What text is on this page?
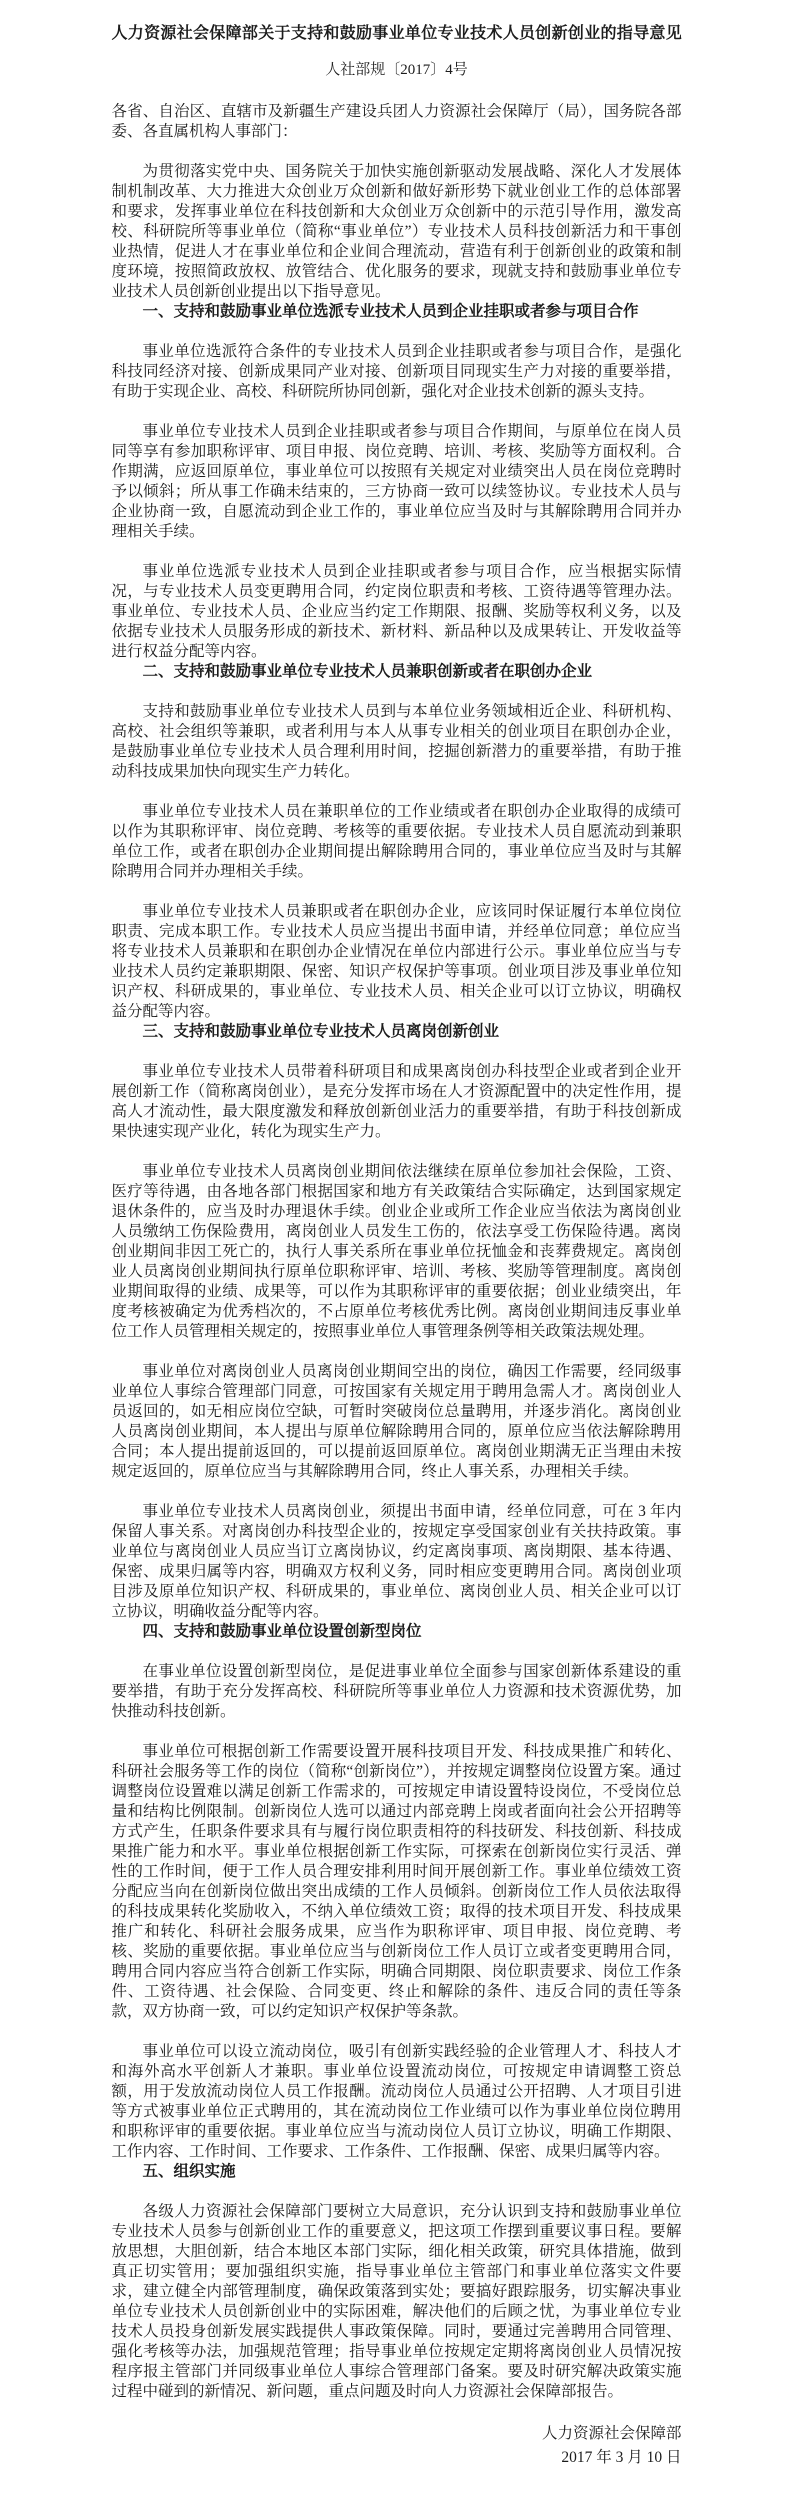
人力资源社会保障部关于支持和鼓励事业单位专业技术人员创新创业的指导意见
人社部规〔2017〕4号

各省、自治区、直辖市及新疆生产建设兵团人力资源社会保障厅（局），国务院各部委、各直属机构人事部门：

为贯彻落实党中央、国务院关于加快实施创新驱动发展战略、深化人才发展体制机制改革、大力推进大众创业万众创新和做好新形势下就业创业工作的总体部署和要求，发挥事业单位在科技创新和大众创业万众创新中的示范引导作用，激发高校、科研院所等事业单位（简称“事业单位”）专业技术人员科技创新活力和干事创业热情，促进人才在事业单位和企业间合理流动，营造有利于创新创业的政策和制度环境，按照简政放权、放管结合、优化服务的要求，现就支持和鼓励事业单位专业技术人员创新创业提出以下指导意见。

一、支持和鼓励事业单位选派专业技术人员到企业挂职或者参与项目合作

事业单位选派符合条件的专业技术人员到企业挂职或者参与项目合作，是强化科技同经济对接、创新成果同产业对接、创新项目同现实生产力对接的重要举措，有助于实现企业、高校、科研院所协同创新，强化对企业技术创新的源头支持。

事业单位专业技术人员到企业挂职或者参与项目合作期间，与原单位在岗人员同等享有参加职称评审、项目申报、岗位竞聘、培训、考核、奖励等方面权利。合作期满，应返回原单位，事业单位可以按照有关规定对业绩突出人员在岗位竞聘时予以倾斜；所从事工作确未结束的，三方协商一致可以续签协议。专业技术人员与企业协商一致，自愿流动到企业工作的，事业单位应当及时与其解除聘用合同并办理相关手续。

事业单位选派专业技术人员到企业挂职或者参与项目合作，应当根据实际情况，与专业技术人员变更聘用合同，约定岗位职责和考核、工资待遇等管理办法。事业单位、专业技术人员、企业应当约定工作期限、报酬、奖励等权利义务，以及依据专业技术人员服务形成的新技术、新材料、新品种以及成果转让、开发收益等进行权益分配等内容。

二、支持和鼓励事业单位专业技术人员兼职创新或者在职创办企业

支持和鼓励事业单位专业技术人员到与本单位业务领域相近企业、科研机构、高校、社会组织等兼职，或者利用与本人从事专业相关的创业项目在职创办企业，是鼓励事业单位专业技术人员合理利用时间，挖掘创新潜力的重要举措，有助于推动科技成果加快向现实生产力转化。

事业单位专业技术人员在兼职单位的工作业绩或者在职创办企业取得的成绩可以作为其职称评审、岗位竞聘、考核等的重要依据。专业技术人员自愿流动到兼职单位工作，或者在职创办企业期间提出解除聘用合同的，事业单位应当及时与其解除聘用合同并办理相关手续。

事业单位专业技术人员兼职或者在职创办企业，应该同时保证履行本单位岗位职责、完成本职工作。专业技术人员应当提出书面申请，并经单位同意；单位应当将专业技术人员兼职和在职创办企业情况在单位内部进行公示。事业单位应当与专业技术人员约定兼职期限、保密、知识产权保护等事项。创业项目涉及事业单位知识产权、科研成果的，事业单位、专业技术人员、相关企业可以订立协议，明确权益分配等内容。

三、支持和鼓励事业单位专业技术人员离岗创新创业

事业单位专业技术人员带着科研项目和成果离岗创办科技型企业或者到企业开展创新工作（简称离岗创业），是充分发挥市场在人才资源配置中的决定性作用，提高人才流动性，最大限度激发和释放创新创业活力的重要举措，有助于科技创新成果快速实现产业化，转化为现实生产力。

事业单位专业技术人员离岗创业期间依法继续在原单位参加社会保险，工资、医疗等待遇，由各地各部门根据国家和地方有关政策结合实际确定，达到国家规定退休条件的，应当及时办理退休手续。创业企业或所工作企业应当依法为离岗创业人员缴纳工伤保险费用，离岗创业人员发生工伤的，依法享受工伤保险待遇。离岗创业期间非因工死亡的，执行人事关系所在事业单位抚恤金和丧葬费规定。离岗创业人员离岗创业期间执行原单位职称评审、培训、考核、奖励等管理制度。离岗创业期间取得的业绩、成果等，可以作为其职称评审的重要依据；创业业绩突出，年度考核被确定为优秀档次的，不占原单位考核优秀比例。离岗创业期间违反事业单位工作人员管理相关规定的，按照事业单位人事管理条例等相关政策法规处理。

事业单位对离岗创业人员离岗创业期间空出的岗位，确因工作需要，经同级事业单位人事综合管理部门同意，可按国家有关规定用于聘用急需人才。离岗创业人员返回的，如无相应岗位空缺，可暂时突破岗位总量聘用，并逐步消化。离岗创业人员离岗创业期间，本人提出与原单位解除聘用合同的，原单位应当依法解除聘用合同；本人提出提前返回的，可以提前返回原单位。离岗创业期满无正当理由未按规定返回的，原单位应当与其解除聘用合同，终止人事关系，办理相关手续。

事业单位专业技术人员离岗创业，须提出书面申请，经单位同意，可在 3 年内保留人事关系。对离岗创办科技型企业的，按规定享受国家创业有关扶持政策。事业单位与离岗创业人员应当订立离岗协议，约定离岗事项、离岗期限、基本待遇、保密、成果归属等内容，明确双方权利义务，同时相应变更聘用合同。离岗创业项目涉及原单位知识产权、科研成果的，事业单位、离岗创业人员、相关企业可以订立协议，明确收益分配等内容。

四、支持和鼓励事业单位设置创新型岗位

在事业单位设置创新型岗位，是促进事业单位全面参与国家创新体系建设的重要举措，有助于充分发挥高校、科研院所等事业单位人力资源和技术资源优势，加快推动科技创新。

事业单位可根据创新工作需要设置开展科技项目开发、科技成果推广和转化、科研社会服务等工作的岗位（简称“创新岗位”），并按规定调整岗位设置方案。通过调整岗位设置难以满足创新工作需求的，可按规定申请设置特设岗位，不受岗位总量和结构比例限制。创新岗位人选可以通过内部竞聘上岗或者面向社会公开招聘等方式产生，任职条件要求具有与履行岗位职责相符的科技研发、科技创新、科技成果推广能力和水平。事业单位根据创新工作实际，可探索在创新岗位实行灵活、弹性的工作时间，便于工作人员合理安排利用时间开展创新工作。事业单位绩效工资分配应当向在创新岗位做出突出成绩的工作人员倾斜。创新岗位工作人员依法取得的科技成果转化奖励收入，不纳入单位绩效工资；取得的技术项目开发、科技成果推广和转化、科研社会服务成果，应当作为职称评审、项目申报、岗位竞聘、考核、奖励的重要依据。事业单位应当与创新岗位工作人员订立或者变更聘用合同，聘用合同内容应当符合创新工作实际，明确合同期限、岗位职责要求、岗位工作条件、工资待遇、社会保险、合同变更、终止和解除的条件、违反合同的责任等条款，双方协商一致，可以约定知识产权保护等条款。

事业单位可以设立流动岗位，吸引有创新实践经验的企业管理人才、科技人才和海外高水平创新人才兼职。事业单位设置流动岗位，可按规定申请调整工资总额，用于发放流动岗位人员工作报酬。流动岗位人员通过公开招聘、人才项目引进等方式被事业单位正式聘用的，其在流动岗位工作业绩可以作为事业单位岗位聘用和职称评审的重要依据。事业单位应当与流动岗位人员订立协议，明确工作期限、工作内容、工作时间、工作要求、工作条件、工作报酬、保密、成果归属等内容。

五、组织实施

各级人力资源社会保障部门要树立大局意识，充分认识到支持和鼓励事业单位专业技术人员参与创新创业工作的重要意义，把这项工作摆到重要议事日程。要解放思想，大胆创新，结合本地区本部门实际，细化相关政策，研究具体措施，做到真正切实管用；要加强组织实施，指导事业单位主管部门和事业单位落实文件要求，建立健全内部管理制度，确保政策落到实处；要搞好跟踪服务，切实解决事业单位专业技术人员创新创业中的实际困难，解决他们的后顾之忧，为事业单位专业技术人员投身创新发展实践提供人事政策保障。同时，要通过完善聘用合同管理、强化考核等办法，加强规范管理；指导事业单位按规定定期将离岗创业人员情况按程序报主管部门并同级事业单位人事综合管理部门备案。要及时研究解决政策实施过程中碰到的新情况、新问题，重点问题及时向人力资源社会保障部报告。

人力资源社会保障部
2017 年 3 月 10 日
